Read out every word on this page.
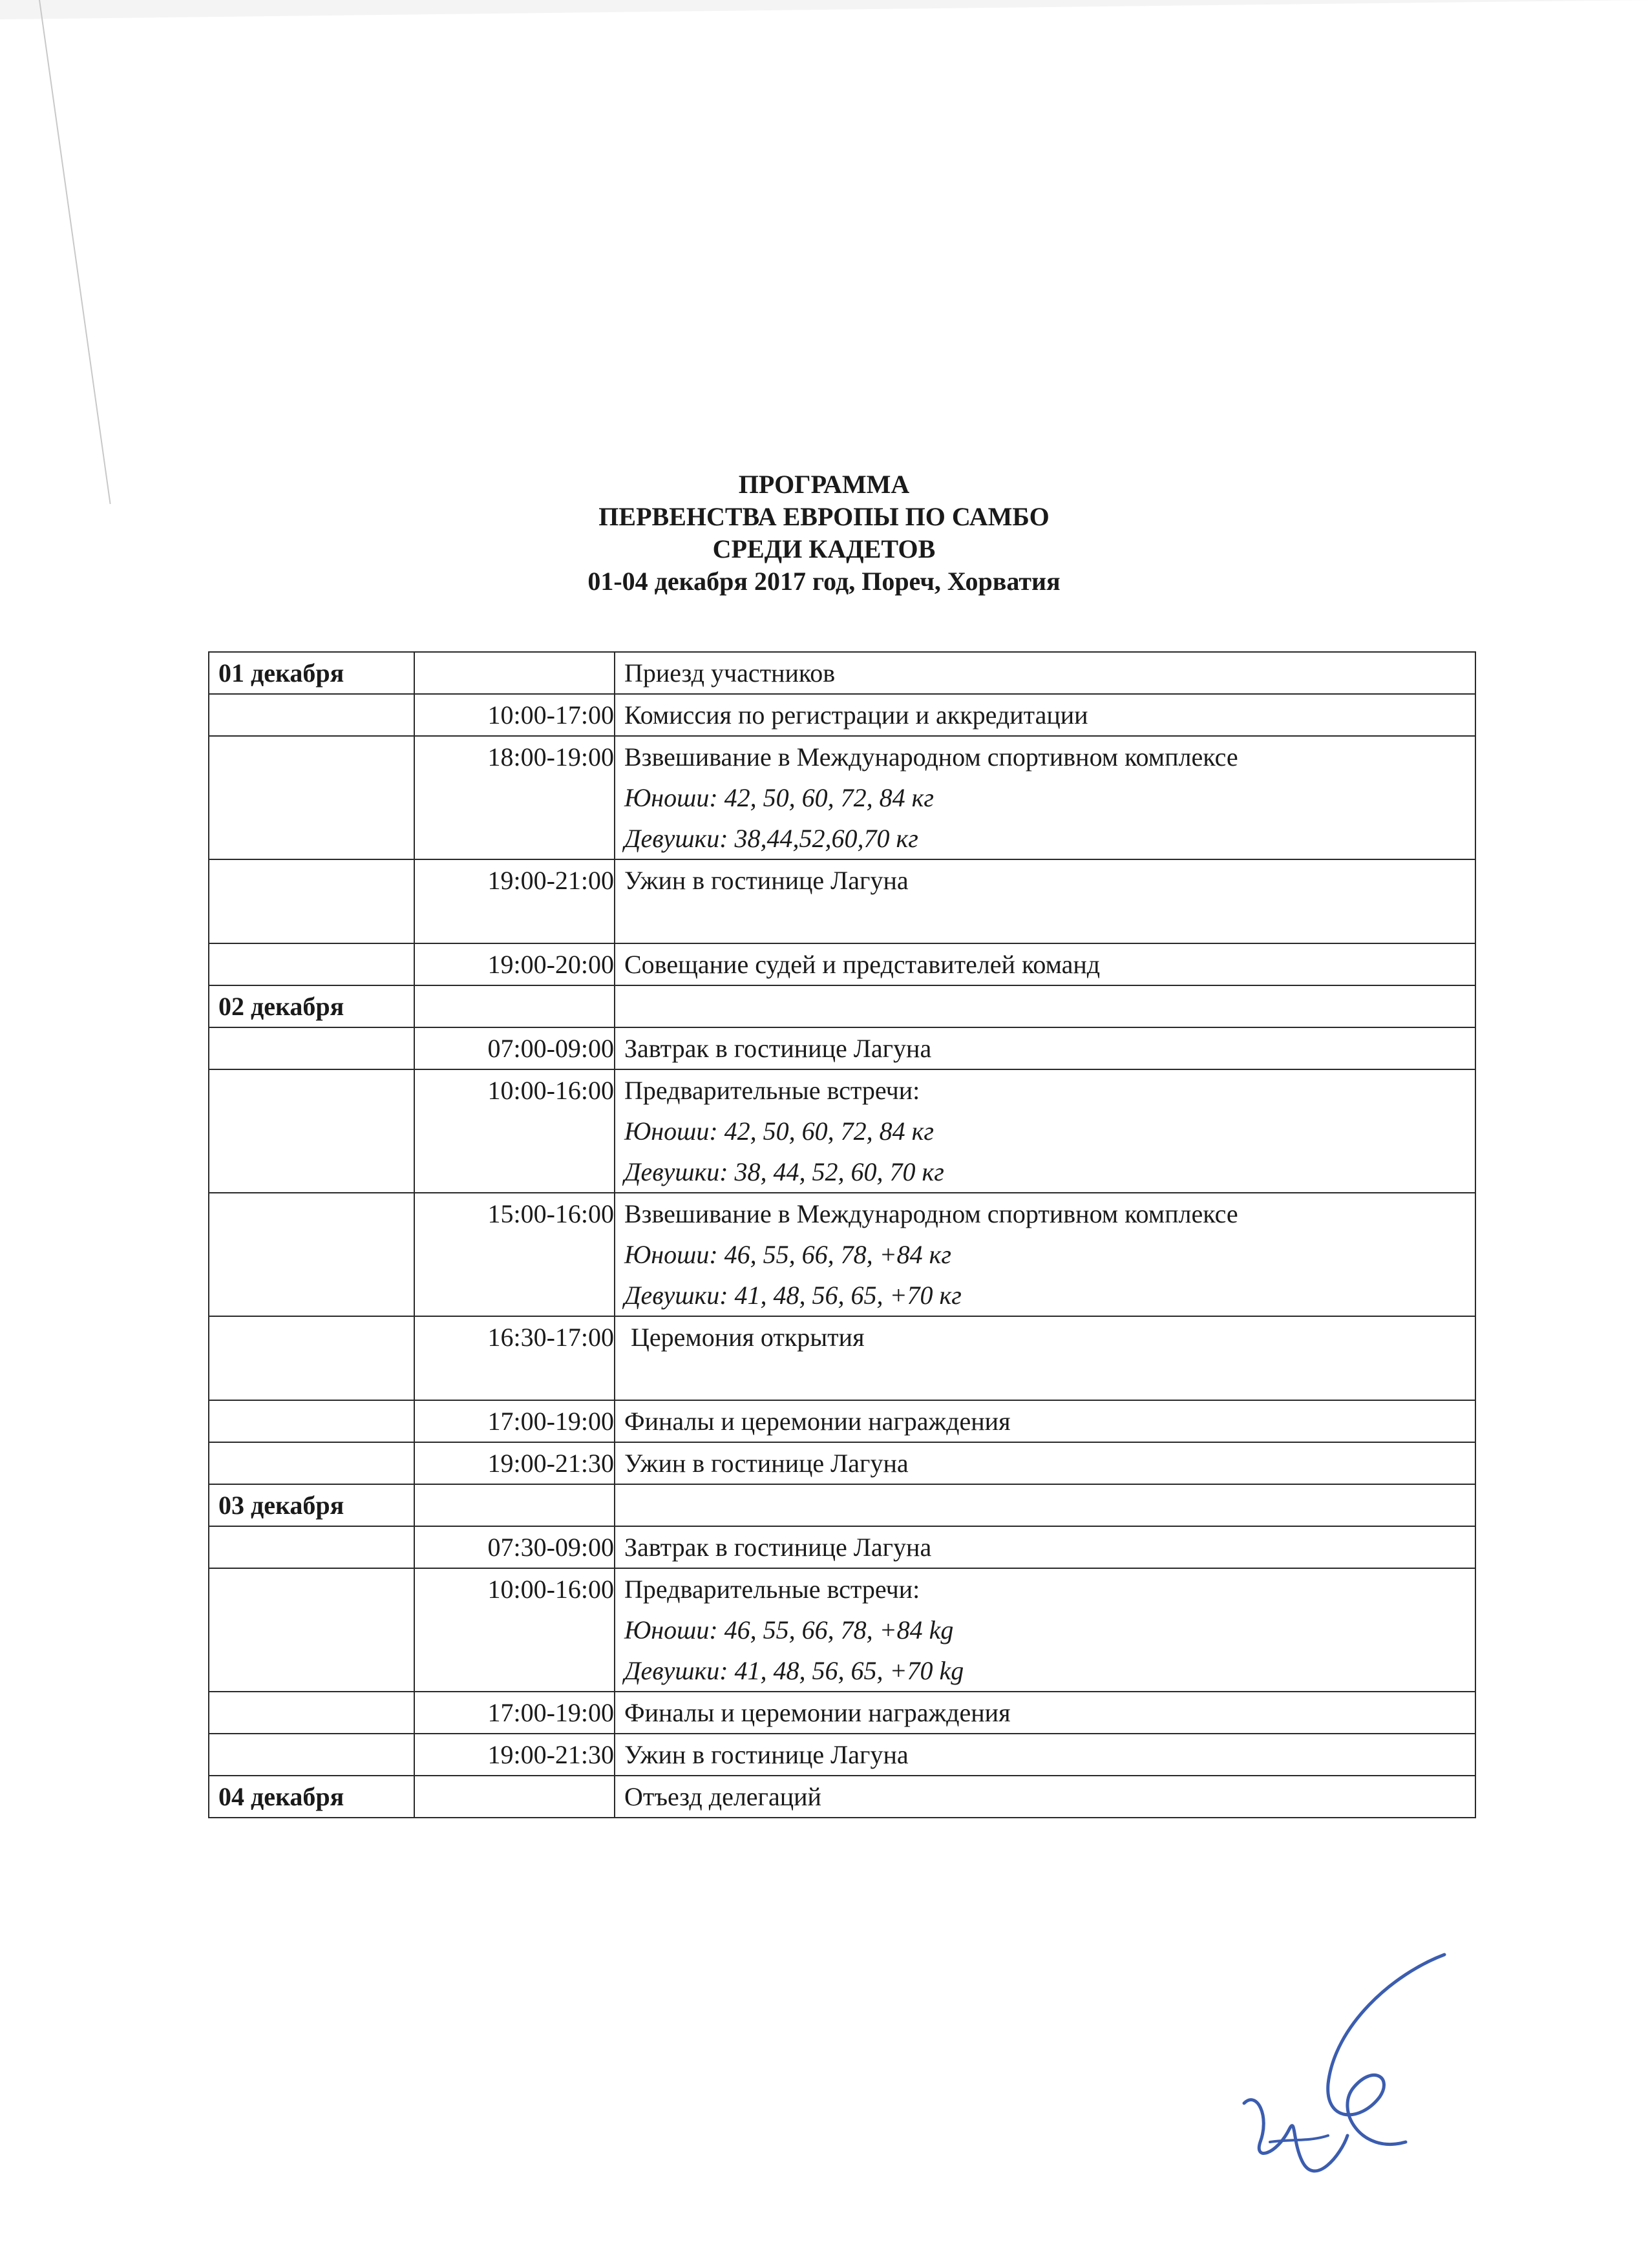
ПРОГРАММА
ПЕРВЕНСТВА ЕВРОПЫ ПО САМБО
СРЕДИ КАДЕТОВ
01-04 декабря 2017 год, Пореч, Хорватия
01 декабря		Приезд участников
	10:00-17:00	Комиссия по регистрации и аккредитации
	18:00-19:00	Взвешивание в Международном спортивном комплексе
Юноши: 42, 50, 60, 72, 84 кг
Девушки: 38,44,52,60,70 кг

	19:00-21:00	Ужин в гостинице Лагуна
	19:00-20:00	Совещание судей и представителей команд
02 декабря		
	07:00-09:00	Завтрак в гостинице Лагуна
	10:00-16:00	Предварительные встречи:
Юноши: 42, 50, 60, 72, 84 кг
Девушки: 38, 44, 52, 60, 70 кг

	15:00-16:00	Взвешивание в Международном спортивном комплексе
Юноши: 46, 55, 66, 78, +84 кг
Девушки: 41, 48, 56, 65, +70 кг

	16:30-17:00	Церемония открытия
	17:00-19:00	Финалы и церемонии награждения
	19:00-21:30	Ужин в гостинице Лагуна
03 декабря		
	07:30-09:00	Завтрак в гостинице Лагуна
	10:00-16:00	Предварительные встречи:
Юноши: 46, 55, 66, 78, +84 kg
Девушки: 41, 48, 56, 65, +70 kg

	17:00-19:00	Финалы и церемонии награждения
	19:00-21:30	Ужин в гостинице Лагуна
04 декабря		Отъезд делегаций
